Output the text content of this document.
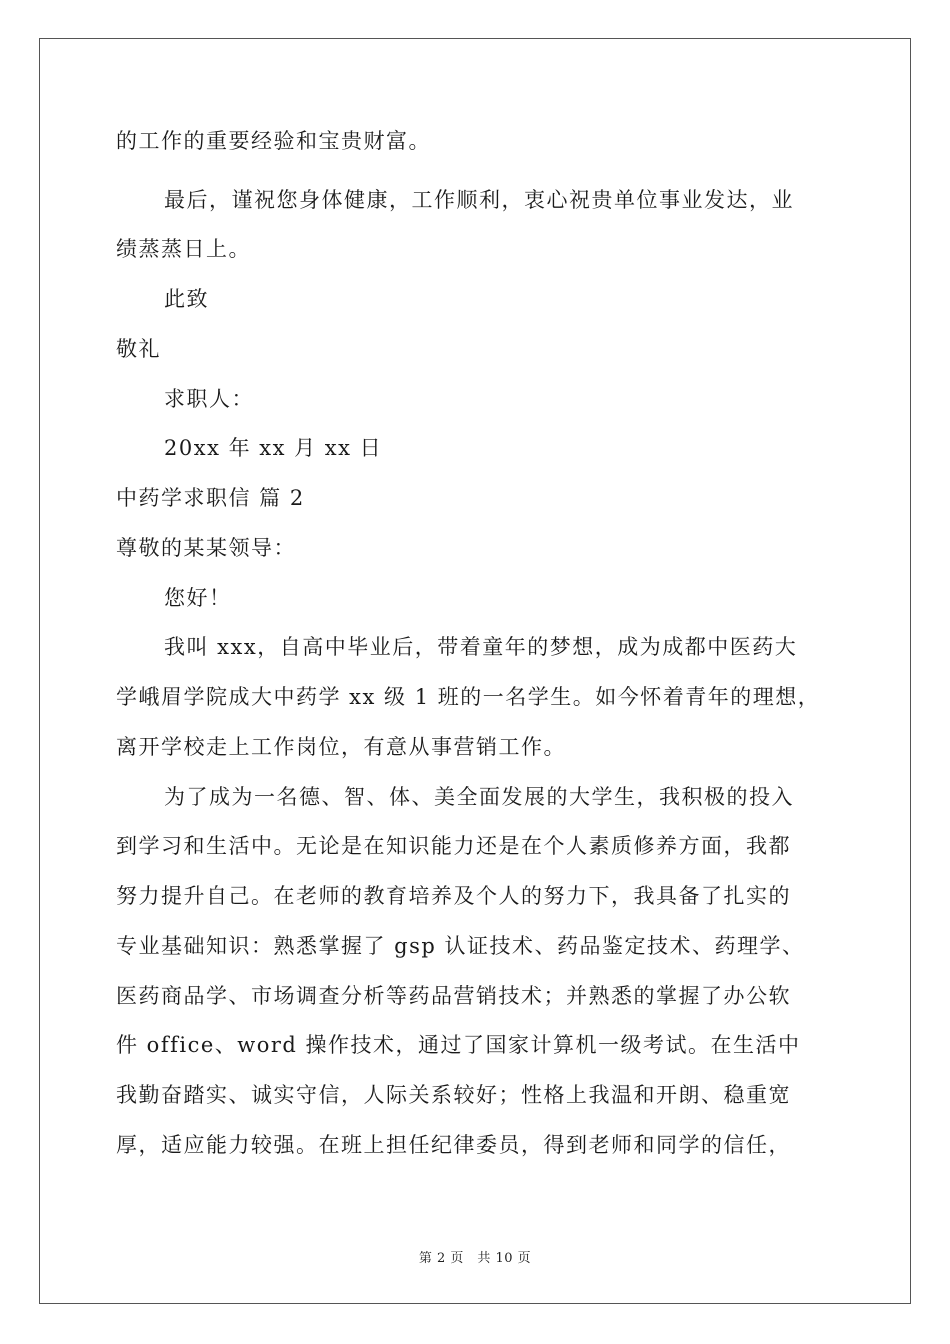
的工作的重要经验和宝贵财富。
最后，谨祝您身体健康，工作顺利，衷心祝贵单位事业发达，业
绩蒸蒸日上。
此致
敬礼
求职人：
20xx 年 xx 月 xx 日
中药学求职信 篇 2
尊敬的某某领导：
您好！
我叫 xxx，自高中毕业后，带着童年的梦想，成为成都中医药大
学峨眉学院成大中药学 xx 级 1 班的一名学生。如今怀着青年的理想，
离开学校走上工作岗位，有意从事营销工作。
为了成为一名德、智、体、美全面发展的大学生，我积极的投入
到学习和生活中。无论是在知识能力还是在个人素质修养方面，我都
努力提升自己。在老师的教育培养及个人的努力下，我具备了扎实的
专业基础知识：熟悉掌握了 gsp 认证技术、药品鉴定技术、药理学、
医药商品学、市场调查分析等药品营销技术；并熟悉的掌握了办公软
件 office、word 操作技术，通过了国家计算机一级考试。在生活中
我勤奋踏实、诚实守信，人际关系较好；性格上我温和开朗、稳重宽
厚，适应能力较强。在班上担任纪律委员，得到老师和同学的信任，
第 2 页　共 10 页
